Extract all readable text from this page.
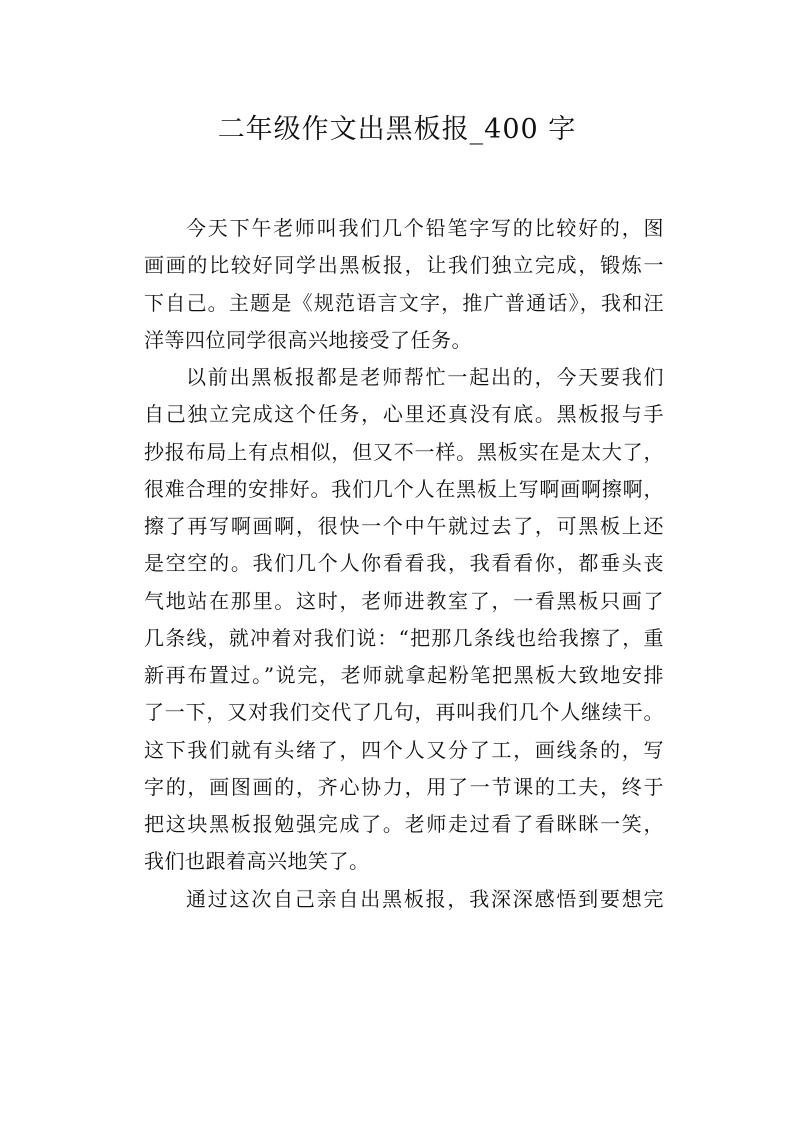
二年级作文出黑板报_400 字
今天下午老师叫我们几个铅笔字写的比较好的，图
画画的比较好同学出黑板报，让我们独立完成，锻炼一
下自己。主题是《规范语言文字，推广普通话》，我和汪
洋等四位同学很高兴地接受了任务。
以前出黑板报都是老师帮忙一起出的，今天要我们
自己独立完成这个任务，心里还真没有底。黑板报与手
抄报布局上有点相似，但又不一样。黑板实在是太大了，
很难合理的安排好。我们几个人在黑板上写啊画啊擦啊，
擦了再写啊画啊，很快一个中午就过去了，可黑板上还
是空空的。我们几个人你看看我，我看看你，都垂头丧
气地站在那里。这时，老师进教室了，一看黑板只画了
几条线，就冲着对我们说：“把那几条线也给我擦了，重
新再布置过。”说完，老师就拿起粉笔把黑板大致地安排
了一下，又对我们交代了几句，再叫我们几个人继续干。
这下我们就有头绪了，四个人又分了工，画线条的，写
字的，画图画的，齐心协力，用了一节课的工夫，终于
把这块黑板报勉强完成了。老师走过看了看眯眯一笑，
我们也跟着高兴地笑了。
通过这次自己亲自出黑板报，我深深感悟到要想完
